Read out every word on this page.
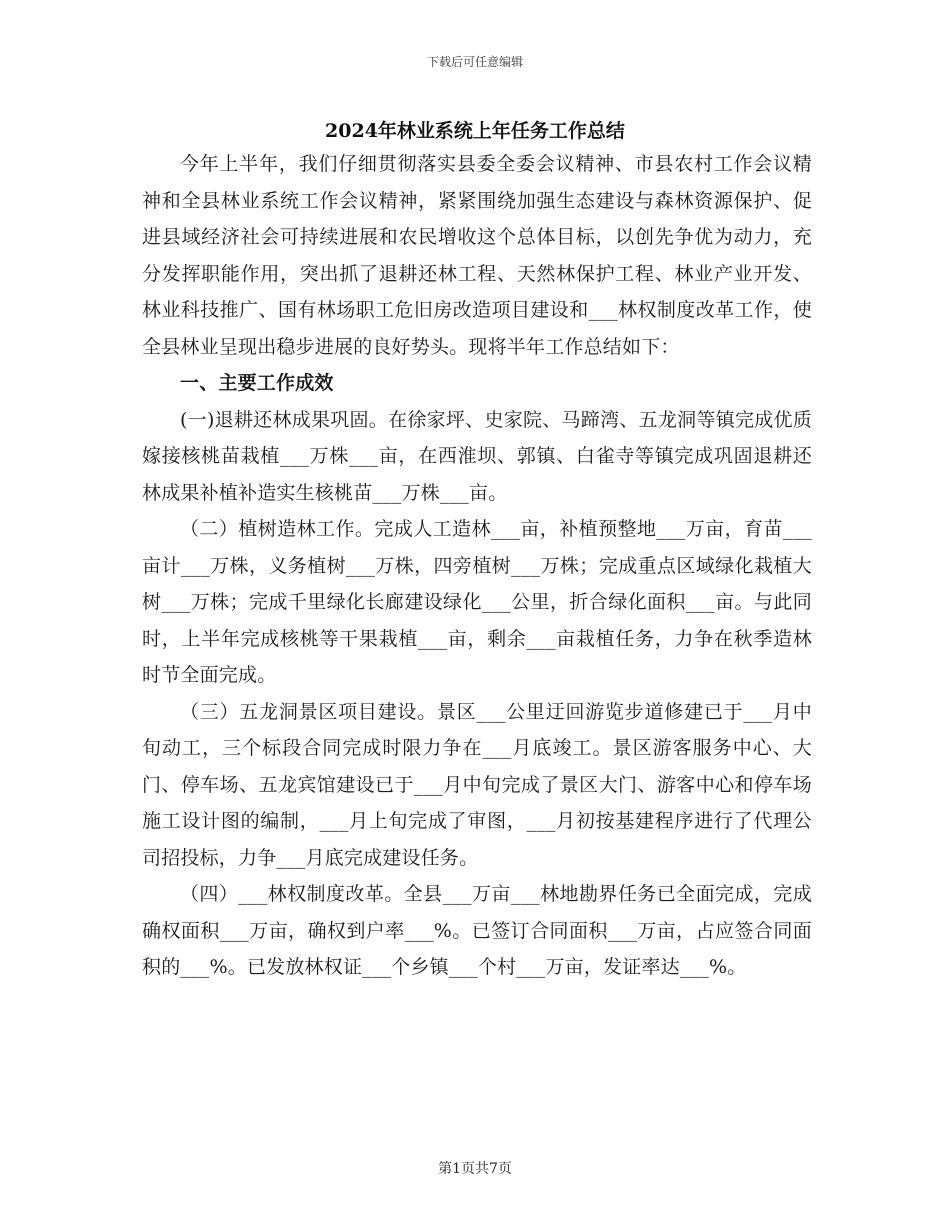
下载后可任意编辑
2024年林业系统上年任务工作总结

今年上半年，我们仔细贯彻落实县委全委会议精神、市县农村工作会议精神和全县林业系统工作会议精神，紧紧围绕加强生态建设与森林资源保护、促进县域经济社会可持续进展和农民增收这个总体目标，以创先争优为动力，充分发挥职能作用，突出抓了退耕还林工程、天然林保护工程、林业产业开发、林业科技推广、国有林场职工危旧房改造项目建设和___林权制度改革工作，使全县林业呈现出稳步进展的良好势头。现将半年工作总结如下：

一、主要工作成效

(一)退耕还林成果巩固。在徐家坪、史家院、马蹄湾、五龙洞等镇完成优质嫁接核桃苗栽植___万株___亩，在西淮坝、郭镇、白雀寺等镇完成巩固退耕还林成果补植补造实生核桃苗___万株___亩。

（二）植树造林工作。完成人工造林___亩，补植预整地___万亩，育苗___亩计___万株，义务植树___万株，四旁植树___万株；完成重点区域绿化栽植大树___万株；完成千里绿化长廊建设绿化___公里，折合绿化面积___亩。与此同时，上半年完成核桃等干果栽植___亩，剩余___亩栽植任务，力争在秋季造林时节全面完成。

（三）五龙洞景区项目建设。景区___公里迂回游览步道修建已于___月中旬动工，三个标段合同完成时限力争在___月底竣工。景区游客服务中心、大门、停车场、五龙宾馆建设已于___月中旬完成了景区大门、游客中心和停车场施工设计图的编制，___月上旬完成了审图，___月初按基建程序进行了代理公司招投标，力争___月底完成建设任务。

（四）___林权制度改革。全县___万亩___林地勘界任务已全面完成，完成确权面积___万亩，确权到户率___%。已签订合同面积___万亩，占应签合同面积的___%。已发放林权证___个乡镇___个村___万亩，发证率达___%。

第1页共7页
